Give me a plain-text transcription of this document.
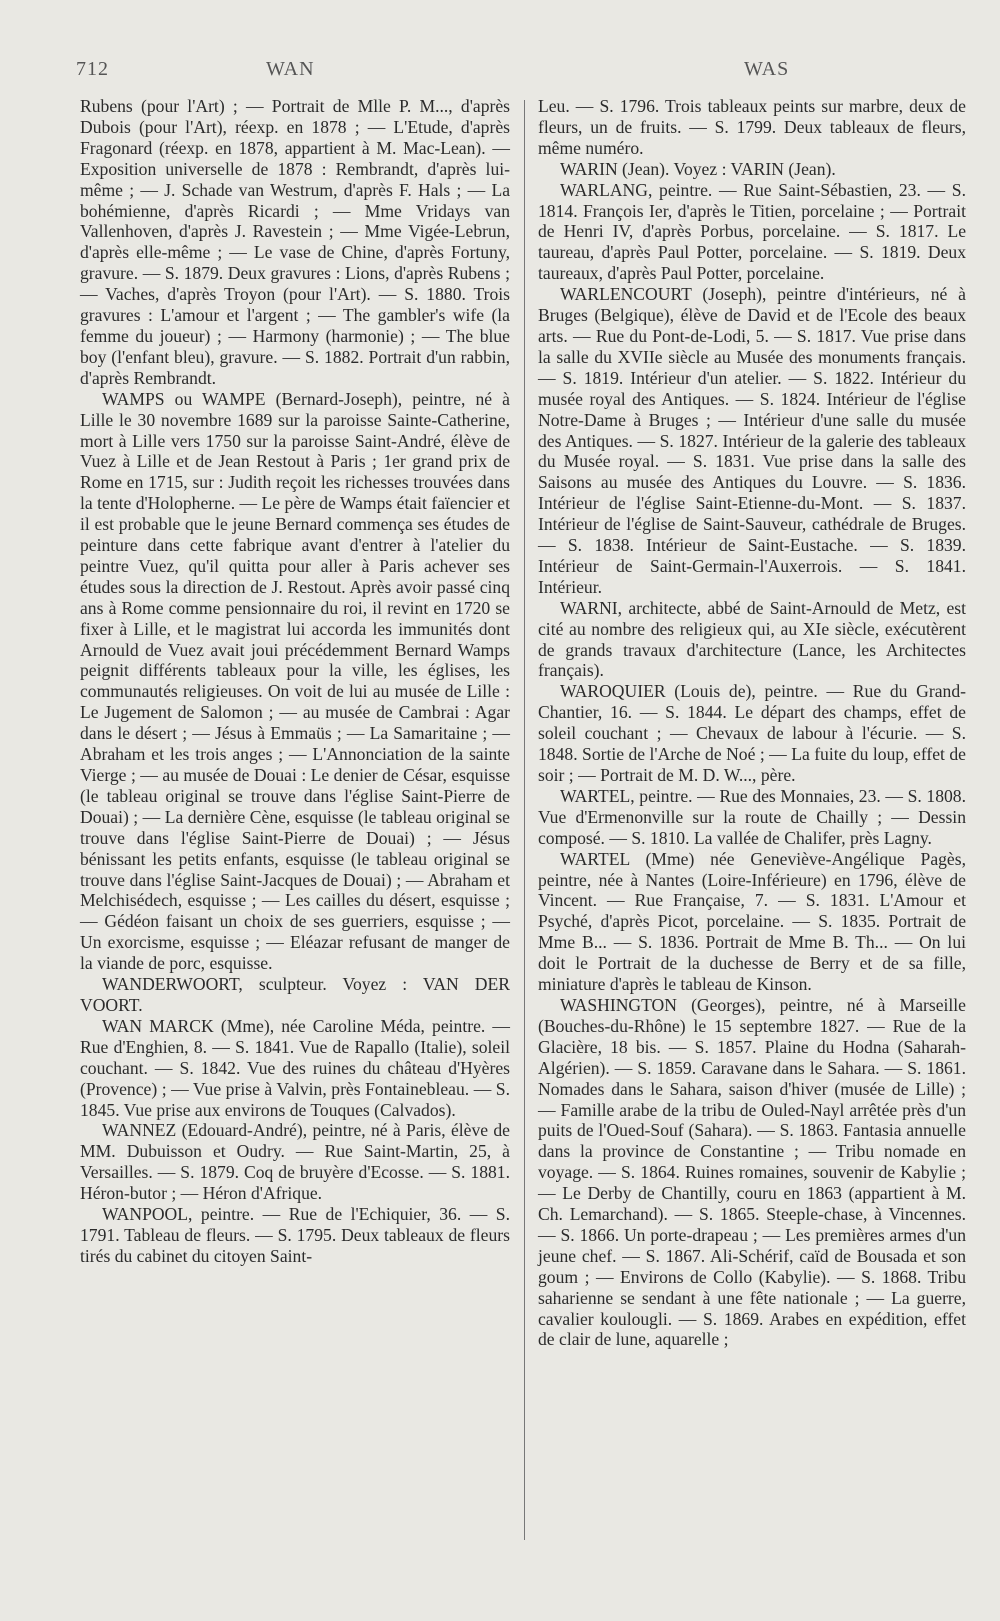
712	WAN	WAS

Rubens (pour l'Art) ; — Portrait de Mlle P. M..., d'après Dubois (pour l'Art), réexp. en 1878 ; — L'Etude, d'après Fragonard (réexp. en 1878, appartient à M. Mac-Lean). — Exposition universelle de 1878 : Rembrandt, d'après lui-même ; — J. Schade van Westrum, d'après F. Hals ; — La bohémienne, d'après Ricardi ; — Mme Vridays van Vallenhoven, d'après J. Ravestein ; — Mme Vigée-Lebrun, d'après elle-même ; — Le vase de Chine, d'après Fortuny, gravure. — S. 1879. Deux gravures : Lions, d'après Rubens ; — Vaches, d'après Troyon (pour l'Art). — S. 1880. Trois gravures : L'amour et l'argent ; — The gambler's wife (la femme du joueur) ; — Harmony (harmonie) ; — The blue boy (l'enfant bleu), gravure. — S. 1882. Portrait d'un rabbin, d'après Rembrandt.

WAMPS ou WAMPE (Bernard-Joseph), peintre, né à Lille le 30 novembre 1689 sur la paroisse Sainte-Catherine, mort à Lille vers 1750 sur la paroisse Saint-André, élève de Vuez à Lille et de Jean Restout à Paris ; 1er grand prix de Rome en 1715, sur : Judith reçoit les richesses trouvées dans la tente d'Holopherne. — Le père de Wamps était faïencier et il est probable que le jeune Bernard commença ses études de peinture dans cette fabrique avant d'entrer à l'atelier du peintre Vuez, qu'il quitta pour aller à Paris achever ses études sous la direction de J. Restout. Après avoir passé cinq ans à Rome comme pensionnaire du roi, il revint en 1720 se fixer à Lille, et le magistrat lui accorda les immunités dont Arnould de Vuez avait joui précédemment Bernard Wamps peignit différents tableaux pour la ville, les églises, les communautés religieuses. On voit de lui au musée de Lille : Le Jugement de Salomon ; — au musée de Cambrai : Agar dans le désert ; — Jésus à Emmaüs ; — La Samaritaine ; — Abraham et les trois anges ; — L'Annonciation de la sainte Vierge ; — au musée de Douai : Le denier de César, esquisse (le tableau original se trouve dans l'église Saint-Pierre de Douai) ; — La dernière Cène, esquisse (le tableau original se trouve dans l'église Saint-Pierre de Douai) ; — Jésus bénissant les petits enfants, esquisse (le tableau original se trouve dans l'église Saint-Jacques de Douai) ; — Abraham et Melchisédech, esquisse ; — Les cailles du désert, esquisse ; — Gédéon faisant un choix de ses guerriers, esquisse ; — Un exorcisme, esquisse ; — Eléazar refusant de manger de la viande de porc, esquisse.

WANDERWOORT, sculpteur. Voyez : VAN DER VOORT.

WAN MARCK (Mme), née Caroline Méda, peintre. — Rue d'Enghien, 8. — S. 1841. Vue de Rapallo (Italie), soleil couchant. — S. 1842. Vue des ruines du château d'Hyères (Provence) ; — Vue prise à Valvin, près Fontainebleau. — S. 1845. Vue prise aux environs de Touques (Calvados).

WANNEZ (Edouard-André), peintre, né à Paris, élève de MM. Dubuisson et Oudry. — Rue Saint-Martin, 25, à Versailles. — S. 1879. Coq de bruyère d'Ecosse. — S. 1881. Héron-butor ; — Héron d'Afrique.

WANPOOL, peintre. — Rue de l'Echiquier, 36. — S. 1791. Tableau de fleurs. — S. 1795. Deux tableaux de fleurs tirés du cabinet du citoyen Saint-

Leu. — S. 1796. Trois tableaux peints sur marbre, deux de fleurs, un de fruits. — S. 1799. Deux tableaux de fleurs, même numéro.

WARIN (Jean). Voyez : VARIN (Jean).

WARLANG, peintre. — Rue Saint-Sébastien, 23. — S. 1814. François Ier, d'après le Titien, porcelaine ; — Portrait de Henri IV, d'après Porbus, porcelaine. — S. 1817. Le taureau, d'après Paul Potter, porcelaine. — S. 1819. Deux taureaux, d'après Paul Potter, porcelaine.

WARLENCOURT (Joseph), peintre d'intérieurs, né à Bruges (Belgique), élève de David et de l'Ecole des beaux arts. — Rue du Pont-de-Lodi, 5. — S. 1817. Vue prise dans la salle du XVIIe siècle au Musée des monuments français. — S. 1819. Intérieur d'un atelier. — S. 1822. Intérieur du musée royal des Antiques. — S. 1824. Intérieur de l'église Notre-Dame à Bruges ; — Intérieur d'une salle du musée des Antiques. — S. 1827. Intérieur de la galerie des tableaux du Musée royal. — S. 1831. Vue prise dans la salle des Saisons au musée des Antiques du Louvre. — S. 1836. Intérieur de l'église Saint-Etienne-du-Mont. — S. 1837. Intérieur de l'église de Saint-Sauveur, cathédrale de Bruges. — S. 1838. Intérieur de Saint-Eustache. — S. 1839. Intérieur de Saint-Germain-l'Auxerrois. — S. 1841. Intérieur.

WARNI, architecte, abbé de Saint-Arnould de Metz, est cité au nombre des religieux qui, au XIe siècle, exécutèrent de grands travaux d'architecture (Lance, les Architectes français).

WAROQUIER (Louis de), peintre. — Rue du Grand-Chantier, 16. — S. 1844. Le départ des champs, effet de soleil couchant ; — Chevaux de labour à l'écurie. — S. 1848. Sortie de l'Arche de Noé ; — La fuite du loup, effet de soir ; — Portrait de M. D. W..., père.

WARTEL, peintre. — Rue des Monnaies, 23. — S. 1808. Vue d'Ermenonville sur la route de Chailly ; — Dessin composé. — S. 1810. La vallée de Chalifer, près Lagny.

WARTEL (Mme) née Geneviève-Angélique Pagès, peintre, née à Nantes (Loire-Inférieure) en 1796, élève de Vincent. — Rue Française, 7. — S. 1831. L'Amour et Psyché, d'après Picot, porcelaine. — S. 1835. Portrait de Mme B... — S. 1836. Portrait de Mme B. Th... — On lui doit le Portrait de la duchesse de Berry et de sa fille, miniature d'après le tableau de Kinson.

WASHINGTON (Georges), peintre, né à Marseille (Bouches-du-Rhône) le 15 septembre 1827. — Rue de la Glacière, 18 bis. — S. 1857. Plaine du Hodna (Saharah-Algérien). — S. 1859. Caravane dans le Sahara. — S. 1861. Nomades dans le Sahara, saison d'hiver (musée de Lille) ; — Famille arabe de la tribu de Ouled-Nayl arrêtée près d'un puits de l'Oued-Souf (Sahara). — S. 1863. Fantasia annuelle dans la province de Constantine ; — Tribu nomade en voyage. — S. 1864. Ruines romaines, souvenir de Kabylie ; — Le Derby de Chantilly, couru en 1863 (appartient à M. Ch. Lemarchand). — S. 1865. Steeple-chase, à Vincennes. — S. 1866. Un porte-drapeau ; — Les premières armes d'un jeune chef. — S. 1867. Ali-Schérif, caïd de Bousada et son goum ; — Environs de Collo (Kabylie). — S. 1868. Tribu saharienne se sendant à une fête nationale ; — La guerre, cavalier koulougli. — S. 1869. Arabes en expédition, effet de clair de lune, aquarelle ;
